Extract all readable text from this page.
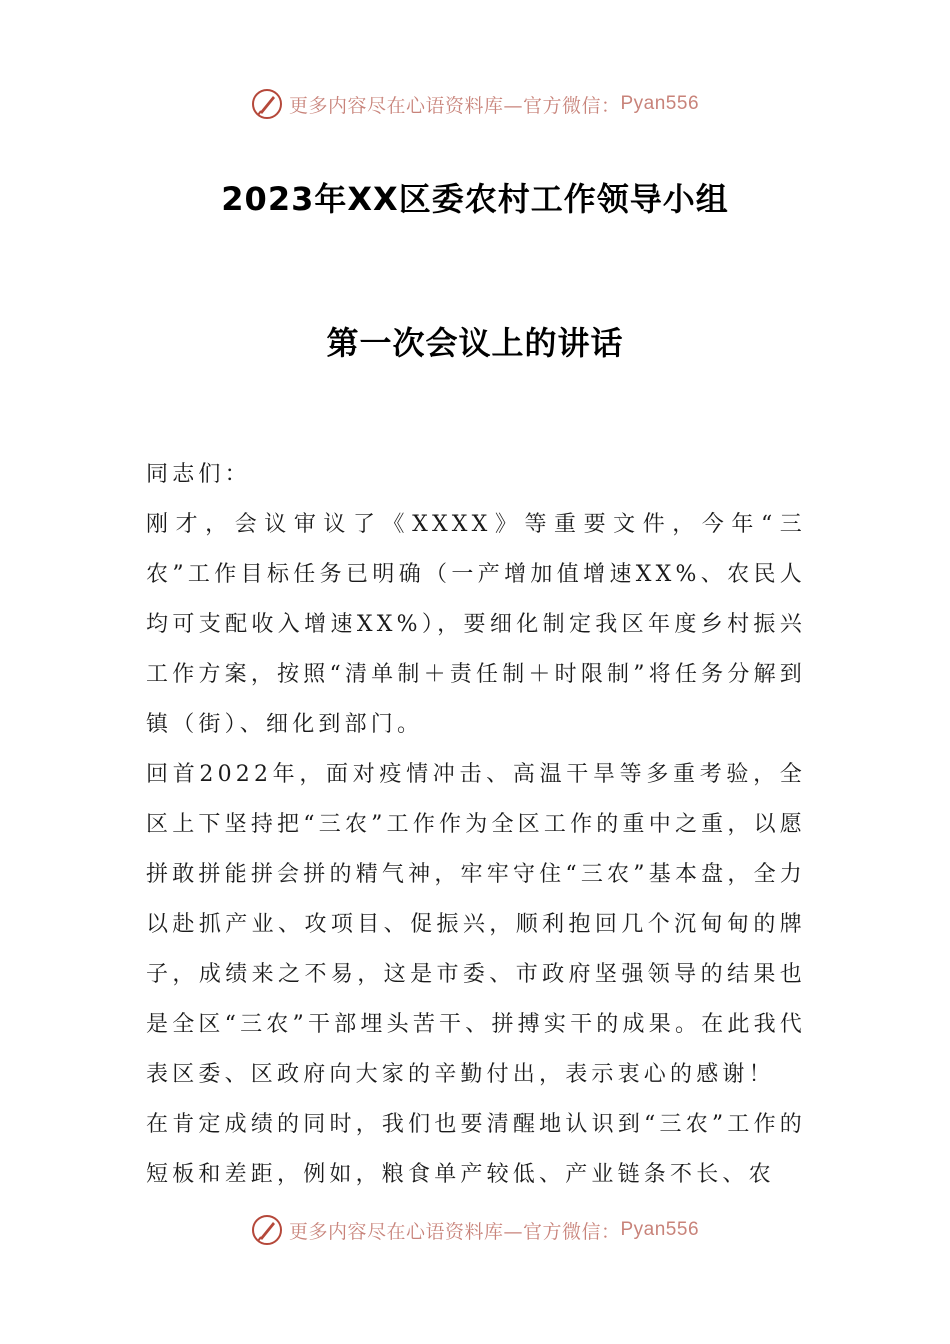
更多内容尽在心语资料库—官方微信： Pyan556
2023年XX区委农村工作领导小组
第一次会议上的讲话

同志们：

刚才，会议审议了《XXXX》等重要文件，今年“三农”工作目标任务已明确（一产增加值增速XX%、农民人均可支配收入增速XX%），要细化制定我区年度乡村振兴工作方案，按照“清单制＋责任制＋时限制”将任务分解到镇（街）、细化到部门。

回首2022年，面对疫情冲击、高温干旱等多重考验，全区上下坚持把“三农”工作作为全区工作的重中之重，以愿拼敢拼能拼会拼的精气神，牢牢守住“三农”基本盘，全力以赴抓产业、攻项目、促振兴，顺利抱回几个沉甸甸的牌子，成绩来之不易，这是市委、市政府坚强领导的结果也是全区“三农”干部埋头苦干、拼搏实干的成果。在此我代表区委、区政府向大家的辛勤付出，表示衷心的感谢！

在肯定成绩的同时，我们也要清醒地认识到“三农”工作的短板和差距，例如，粮食单产较低、产业链条不长、农

更多内容尽在心语资料库—官方微信： Pyan556
